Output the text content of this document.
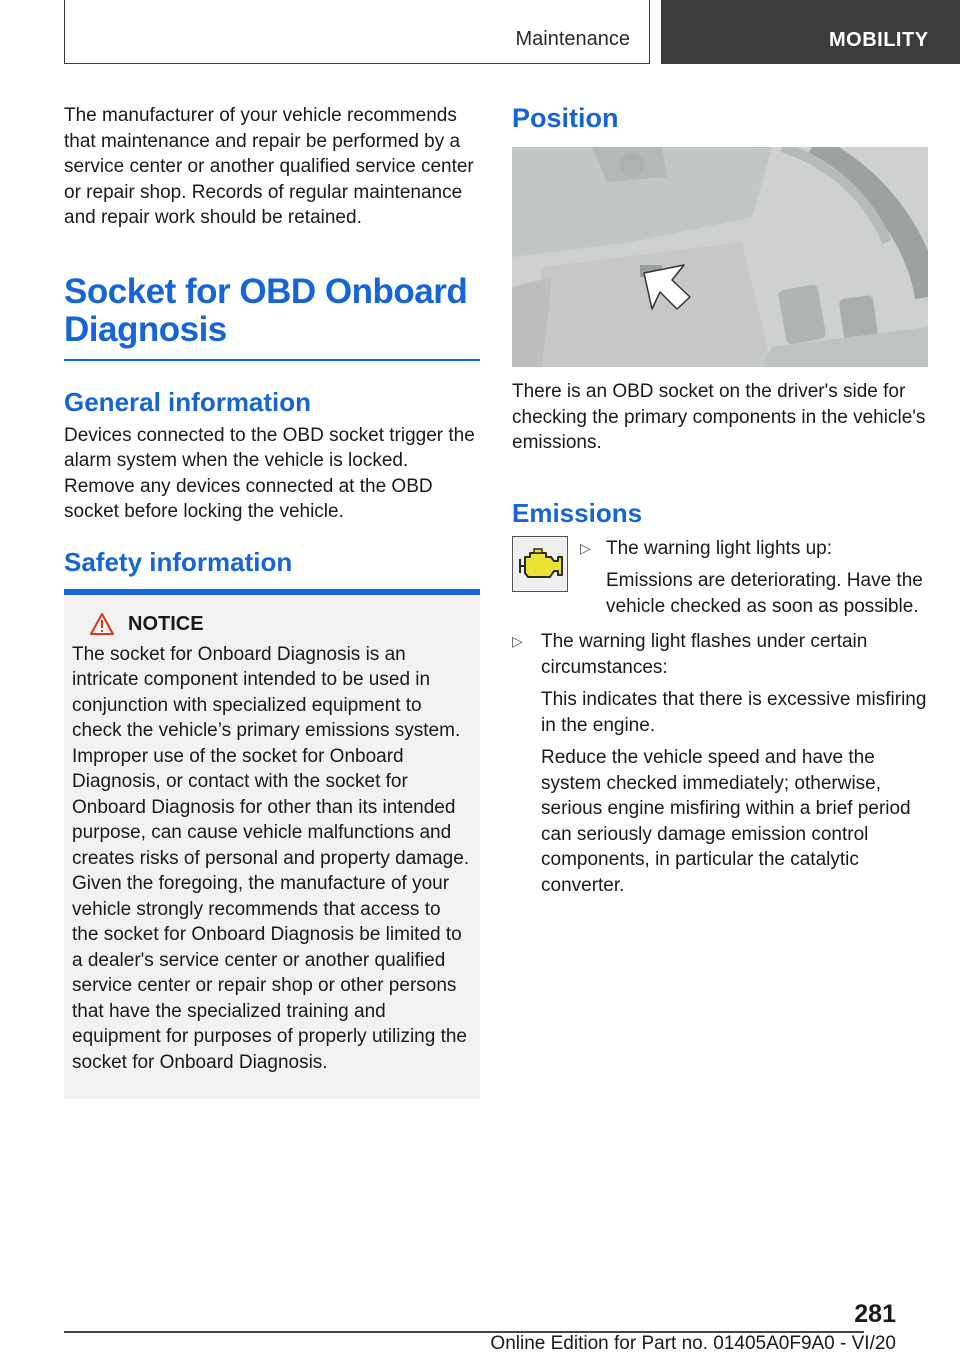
Maintenance	MOBILITY

The manufacturer of your vehicle recommends that maintenance and repair be performed by a service center or another qualified service center or repair shop. Records of regular maintenance and repair work should be retained.

Socket for OBD Onboard
Diagnosis
General information

Devices connected to the OBD socket trigger the alarm system when the vehicle is locked. Remove any devices connected at the OBD socket before locking the vehicle.

Safety information
NOTICE

The socket for Onboard Diagnosis is an intricate component intended to be used in conjunction with specialized equipment to check the vehicle’s primary emissions system. Improper use of the socket for Onboard Diagnosis, or contact with the socket for Onboard Diagnosis for other than its intended purpose, can cause vehicle malfunctions and creates risks of personal and property damage. Given the foregoing, the manufacture of your vehicle strongly recommends that access to the socket for Onboard Diagnosis be limited to a dealer's service center or another qualified service center or repair shop or other persons that have the specialized training and equipment for purposes of properly utilizing the socket for Onboard Diagnosis.

Position

There is an OBD socket on the driver's side for checking the primary components in the vehicle's emissions.

Emissions
▷ The warning light lights up:

Emissions are deteriorating. Have the vehicle checked as soon as possible.

▷ The warning light flashes under certain circumstances:

This indicates that there is excessive misfiring in the engine.

Reduce the vehicle speed and have the system checked immediately; otherwise, serious engine misfiring within a brief period can seriously damage emission control components, in particular the catalytic converter.

281
Online Edition for Part no. 01405A0F9A0 - VI/20
